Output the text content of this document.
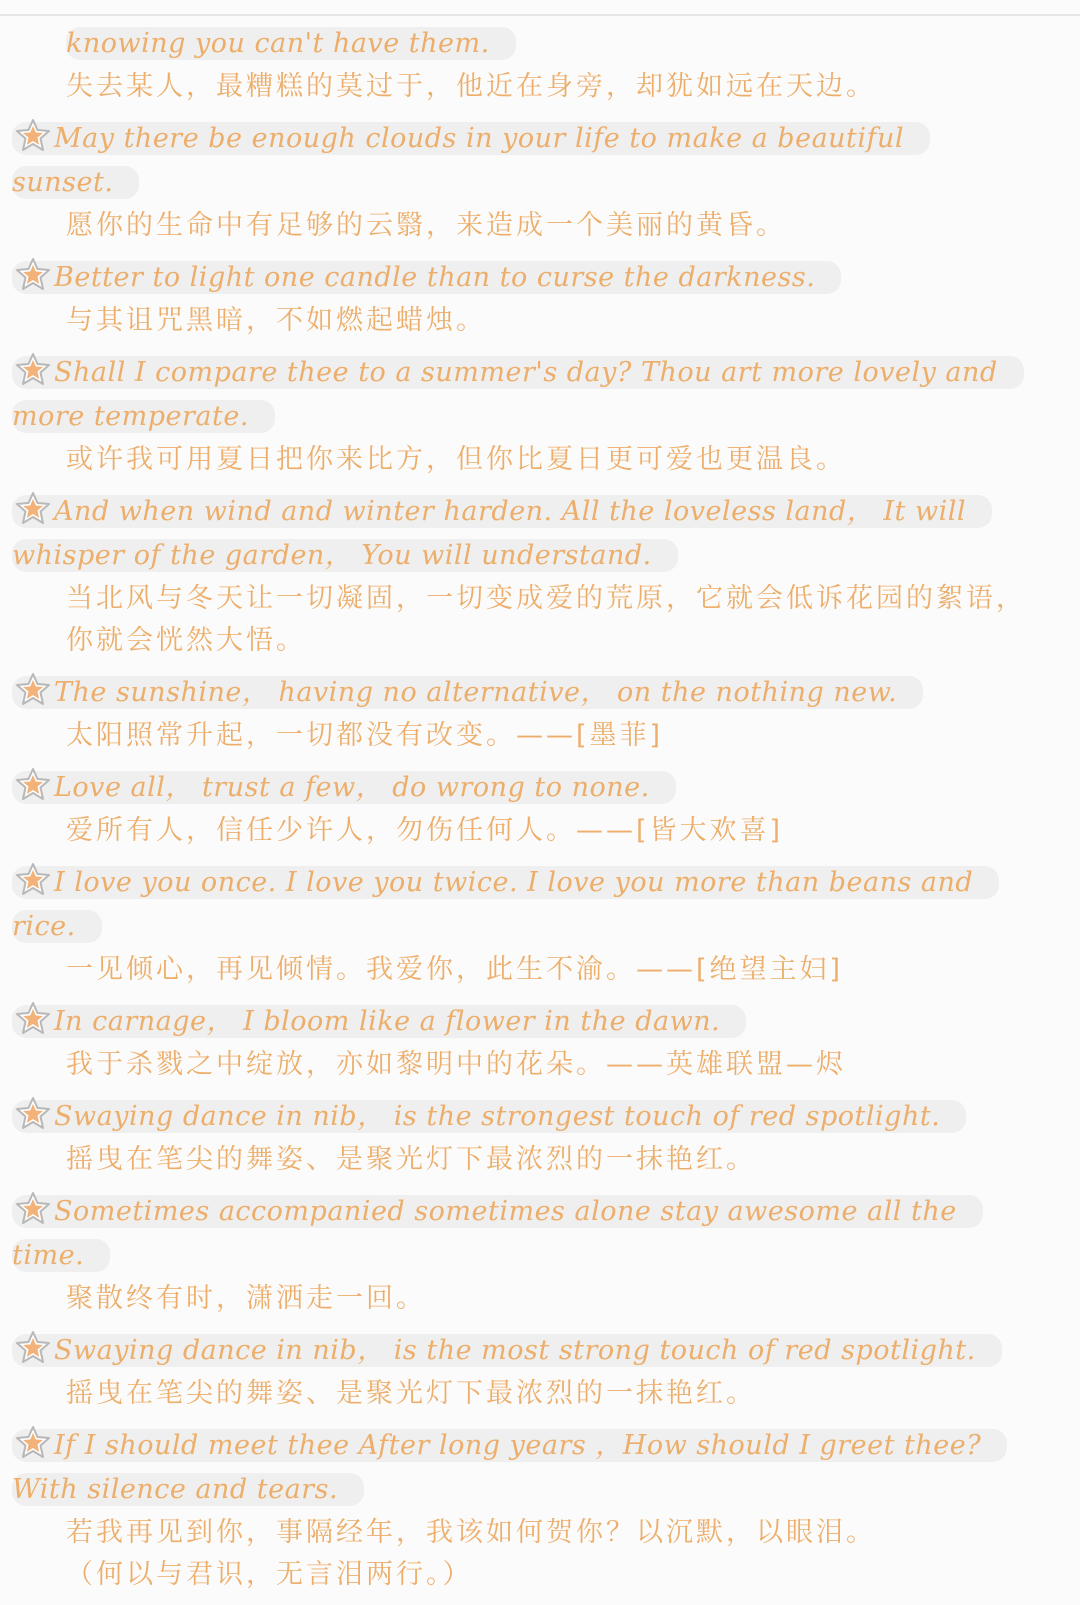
knowing you can't have them.
失去某人，最糟糕的莫过于，他近在身旁，却犹如远在天边。
May there be enough clouds in your life to make a beautiful sunset.
愿你的生命中有足够的云翳，来造成一个美丽的黄昏。
Better to light one candle than to curse the darkness.
与其诅咒黑暗，不如燃起蜡烛。
Shall I compare thee to a summer's day? Thou art more lovely and more temperate.
或许我可用夏日把你来比方，但你比夏日更可爱也更温良。
And when wind and winter harden. All the loveless land， It will whisper of the garden， You will understand.
当北风与冬天让一切凝固，一切变成爱的荒原，它就会低诉花园的絮语，
你就会恍然大悟。
The sunshine， having no alternative， on the nothing new.
太阳照常升起，一切都没有改变。——[墨菲]
Love all， trust a few， do wrong to none.
爱所有人，信任少许人，勿伤任何人。——[皆大欢喜]
I love you once. I love you twice. I love you more than beans and rice.
一见倾心，再见倾情。我爱你，此生不渝。——[绝望主妇]
In carnage， I bloom like a flower in the dawn.
我于杀戮之中绽放，亦如黎明中的花朵。——英雄联盟—烬
Swaying dance in nib， is the strongest touch of red spotlight.
摇曳在笔尖的舞姿、是聚光灯下最浓烈的一抹艳红。
Sometimes accompanied sometimes alone stay awesome all the time.
聚散终有时，潇洒走一回。
Swaying dance in nib， is the most strong touch of red spotlight.
摇曳在笔尖的舞姿、是聚光灯下最浓烈的一抹艳红。
If I should meet thee After long years ，How should I greet thee? With silence and tears.
若我再见到你，事隔经年，我该如何贺你？以沉默，以眼泪。
（何以与君识，无言泪两行。）
